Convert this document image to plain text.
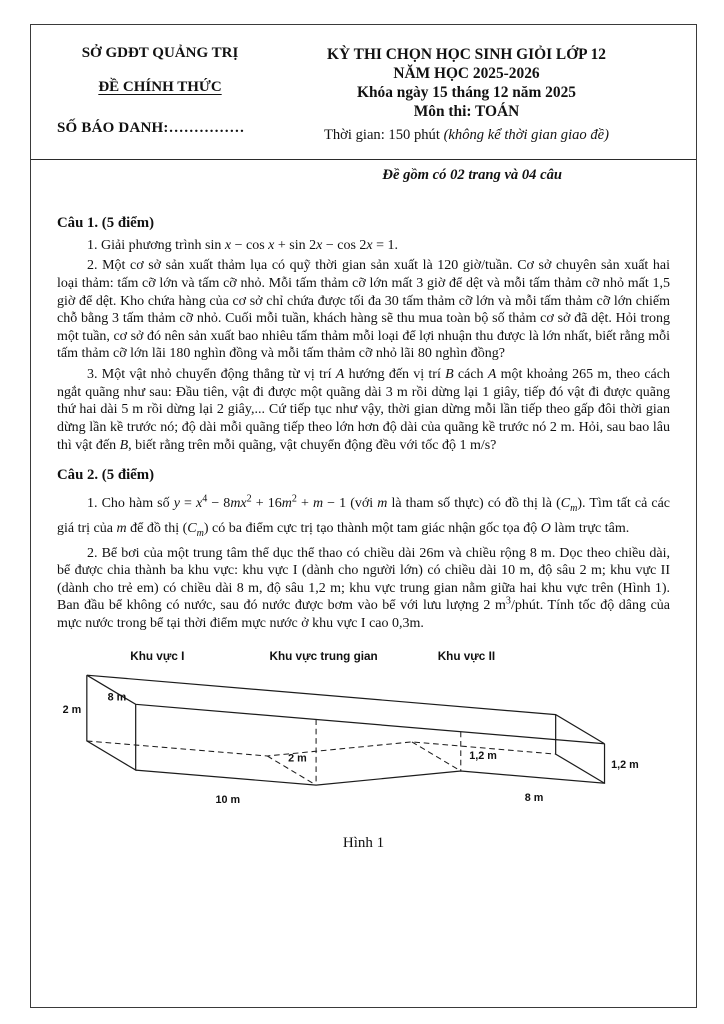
SỞ GDĐT QUẢNG TRỊ
ĐỀ CHÍNH THỨC
SỐ BÁO DANH:……………
KỲ THI CHỌN HỌC SINH GIỎI LỚP 12
NĂM HỌC 2025-2026
Khóa ngày 15 tháng 12 năm 2025
Môn thi: TOÁN
Thời gian: 150 phút (không kể thời gian giao đề)
Đề gồm có 02 trang và 04 câu
Câu 1. (5 điểm)

1. Giải phương trình sin x − cos x + sin 2x − cos 2x = 1.

2. Một cơ sở sản xuất thảm lụa có quỹ thời gian sản xuất là 120 giờ/tuần. Cơ sở chuyên sản xuất hai loại thảm: tấm cỡ lớn và tấm cỡ nhỏ. Mỗi tấm thảm cỡ lớn mất 3 giờ để dệt và mỗi tấm thảm cỡ nhỏ mất 1,5 giờ để dệt. Kho chứa hàng của cơ sở chỉ chứa được tối đa 30 tấm thảm cỡ lớn và mỗi tấm thảm cỡ lớn chiếm chỗ bằng 3 tấm thảm cỡ nhỏ. Cuối mỗi tuần, khách hàng sẽ thu mua toàn bộ số thảm cơ sở đã dệt. Hỏi trong một tuần, cơ sở đó nên sản xuất bao nhiêu tấm thảm mỗi loại để lợi nhuận thu được là lớn nhất, biết rằng mỗi tấm thảm cỡ lớn lãi 180 nghìn đồng và mỗi tấm thảm cỡ nhỏ lãi 80 nghìn đồng?

3. Một vật nhỏ chuyển động thẳng từ vị trí A hướng đến vị trí B cách A một khoảng 265 m, theo cách ngắt quãng như sau: Đầu tiên, vật đi được một quãng dài 3 m rồi dừng lại 1 giây, tiếp đó vật đi được quãng thứ hai dài 5 m rồi dừng lại 2 giây,... Cứ tiếp tục như vậy, thời gian dừng mỗi lần tiếp theo gấp đôi thời gian dừng lần kề trước nó; độ dài mỗi quãng tiếp theo lớn hơn độ dài của quãng kề trước nó 2 m. Hỏi, sau bao lâu thì vật đến B, biết rằng trên mỗi quãng, vật chuyển động đều với tốc độ 1 m/s?

Câu 2. (5 điểm)

1. Cho hàm số $y = x^4 - 8mx^2 + 16m^2 + m - 1$ (với m là tham số thực) có đồ thị là $(C_m)$. Tìm tất cả các giá trị của m để đồ thị $(C_m)$ có ba điểm cực trị tạo thành một tam giác nhận gốc tọa độ O làm trực tâm.

2. Bể bơi của một trung tâm thể dục thể thao có chiều dài 26m và chiều rộng 8 m. Dọc theo chiều dài, bể được chia thành ba khu vực: khu vực I (dành cho người lớn) có chiều dài 10 m, độ sâu 2 m; khu vực II (dành cho trẻ em) có chiều dài 8 m, độ sâu 1,2 m; khu vực trung gian nằm giữa hai khu vực trên (Hình 1). Ban đầu bể không có nước, sau đó nước được bơm vào bể với lưu lượng 2 $m^3$/phút. Tính tốc độ dâng của mực nước trong bể tại thời điểm mực nước ở khu vực I cao 0,3m.

Khu vực I	Khu vực trung gian	Khu vực II
2 m
8 m
10 m
2 m	1,2 m
8 m
1,2 m
Hình 1
